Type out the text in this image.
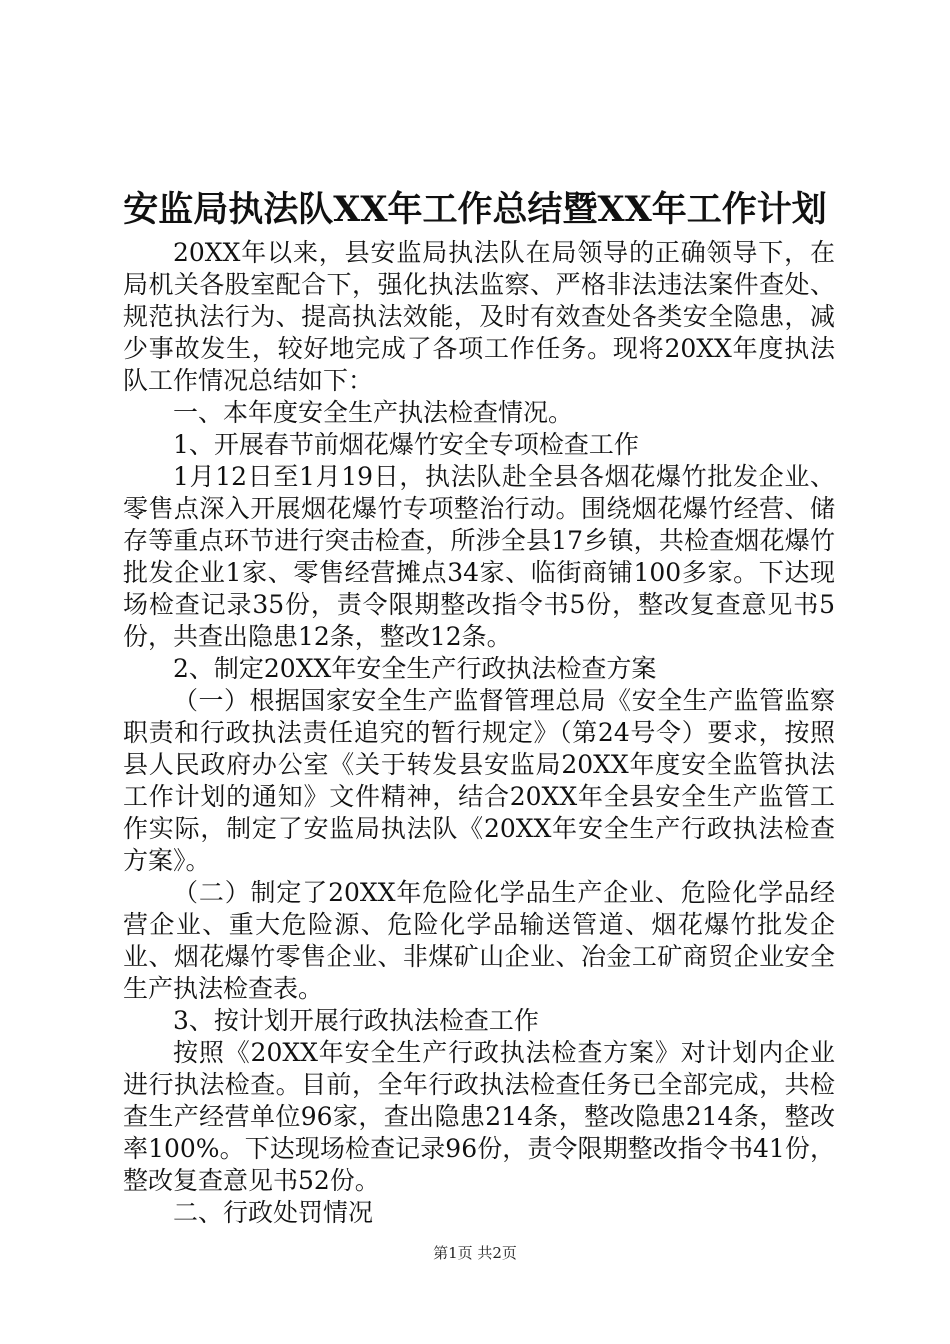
安监局执法队XX年工作总结暨XX年工作计划

20XX年以来，县安监局执法队在局领导的正确领导下，在局机关各股室配合下，强化执法监察、严格非法违法案件查处、规范执法行为、提高执法效能，及时有效查处各类安全隐患，减少事故发生，较好地完成了各项工作任务。现将20XX年度执法队工作情况总结如下：

一、本年度安全生产执法检查情况。

1、开展春节前烟花爆竹安全专项检查工作

1月12日至1月19日，执法队赴全县各烟花爆竹批发企业、零售点深入开展烟花爆竹专项整治行动。围绕烟花爆竹经营、储存等重点环节进行突击检查，所涉全县17乡镇，共检查烟花爆竹批发企业1家、零售经营摊点34家、临街商铺100多家。下达现场检查记录35份，责令限期整改指令书5份，整改复查意见书5份，共查出隐患12条，整改12条。

2、制定20XX年安全生产行政执法检查方案

（一）根据国家安全生产监督管理总局《安全生产监管监察职责和行政执法责任追究的暂行规定》（第24号令）要求，按照县人民政府办公室《关于转发县安监局20XX年度安全监管执法工作计划的通知》文件精神，结合20XX年全县安全生产监管工作实际，制定了安监局执法队《20XX年安全生产行政执法检查方案》。

（二）制定了20XX年危险化学品生产企业、危险化学品经营企业、重大危险源、危险化学品输送管道、烟花爆竹批发企业、烟花爆竹零售企业、非煤矿山企业、冶金工矿商贸企业安全生产执法检查表。

3、按计划开展行政执法检查工作

按照《20XX年安全生产行政执法检查方案》对计划内企业进行执法检查。目前，全年行政执法检查任务已全部完成，共检查生产经营单位96家，查出隐患214条，整改隐患214条，整改率100%。下达现场检查记录96份，责令限期整改指令书41份，整改复查意见书52份。

二、行政处罚情况

第1页 共2页
